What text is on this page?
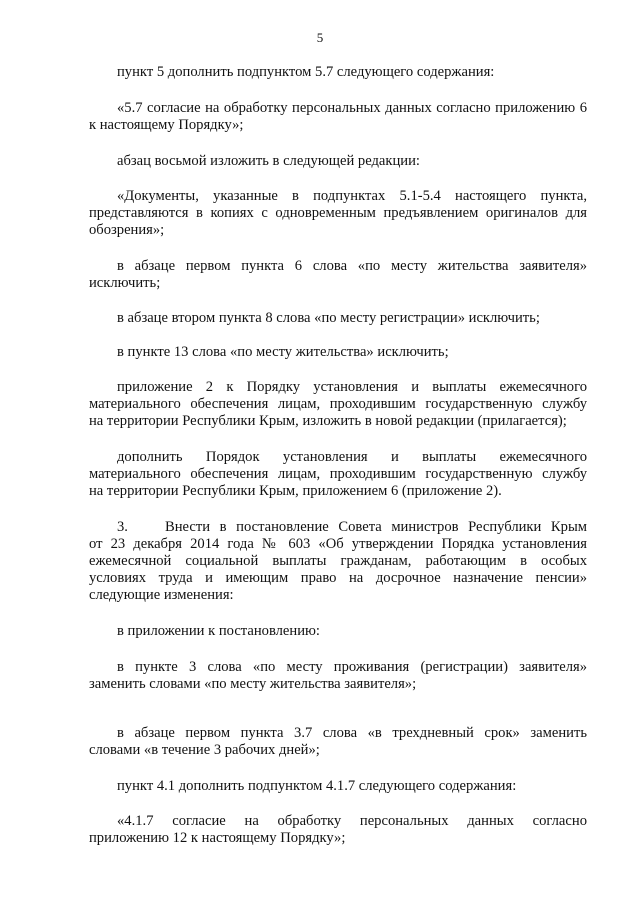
5
пункт 5 дополнить подпунктом 5.7 следующего содержания:
«5.7 согласие на обработку персональных данных согласно приложению 6
к настоящему Порядку»;
абзац восьмой изложить в следующей редакции:
«Документы, указанные в подпунктах 5.1-5.4 настоящего пункта,
представляются в копиях с одновременным предъявлением оригиналов для
обозрения»;
в абзаце первом пункта 6 слова «по месту жительства заявителя»
исключить;
в абзаце втором пункта 8 слова «по месту регистрации» исключить;
в пункте 13 слова «по месту жительства» исключить;
приложение 2 к Порядку установления и выплаты ежемесячного
материального обеспечения лицам, проходившим государственную службу
на территории Республики Крым, изложить в новой редакции (прилагается);
дополнить Порядок установления и выплаты ежемесячного
материального обеспечения лицам, проходившим государственную службу
на территории Республики Крым, приложением 6 (приложение 2).
3.	Внести в постановление Совета министров Республики Крым
от 23 декабря 2014 года № 603 «Об утверждении Порядка установления
ежемесячной социальной выплаты гражданам, работающим в особых
условиях труда и имеющим право на досрочное назначение пенсии»
следующие изменения:
в приложении к постановлению:
в пункте 3 слова «по месту проживания (регистрации) заявителя»
заменить словами «по месту жительства заявителя»;
в абзаце первом пункта 3.7 слова «в трехдневный срок» заменить
словами «в течение 3 рабочих дней»;
пункт 4.1 дополнить подпунктом 4.1.7 следующего содержания:
«4.1.7 согласие на обработку персональных данных согласно
приложению 12 к настоящему Порядку»;
